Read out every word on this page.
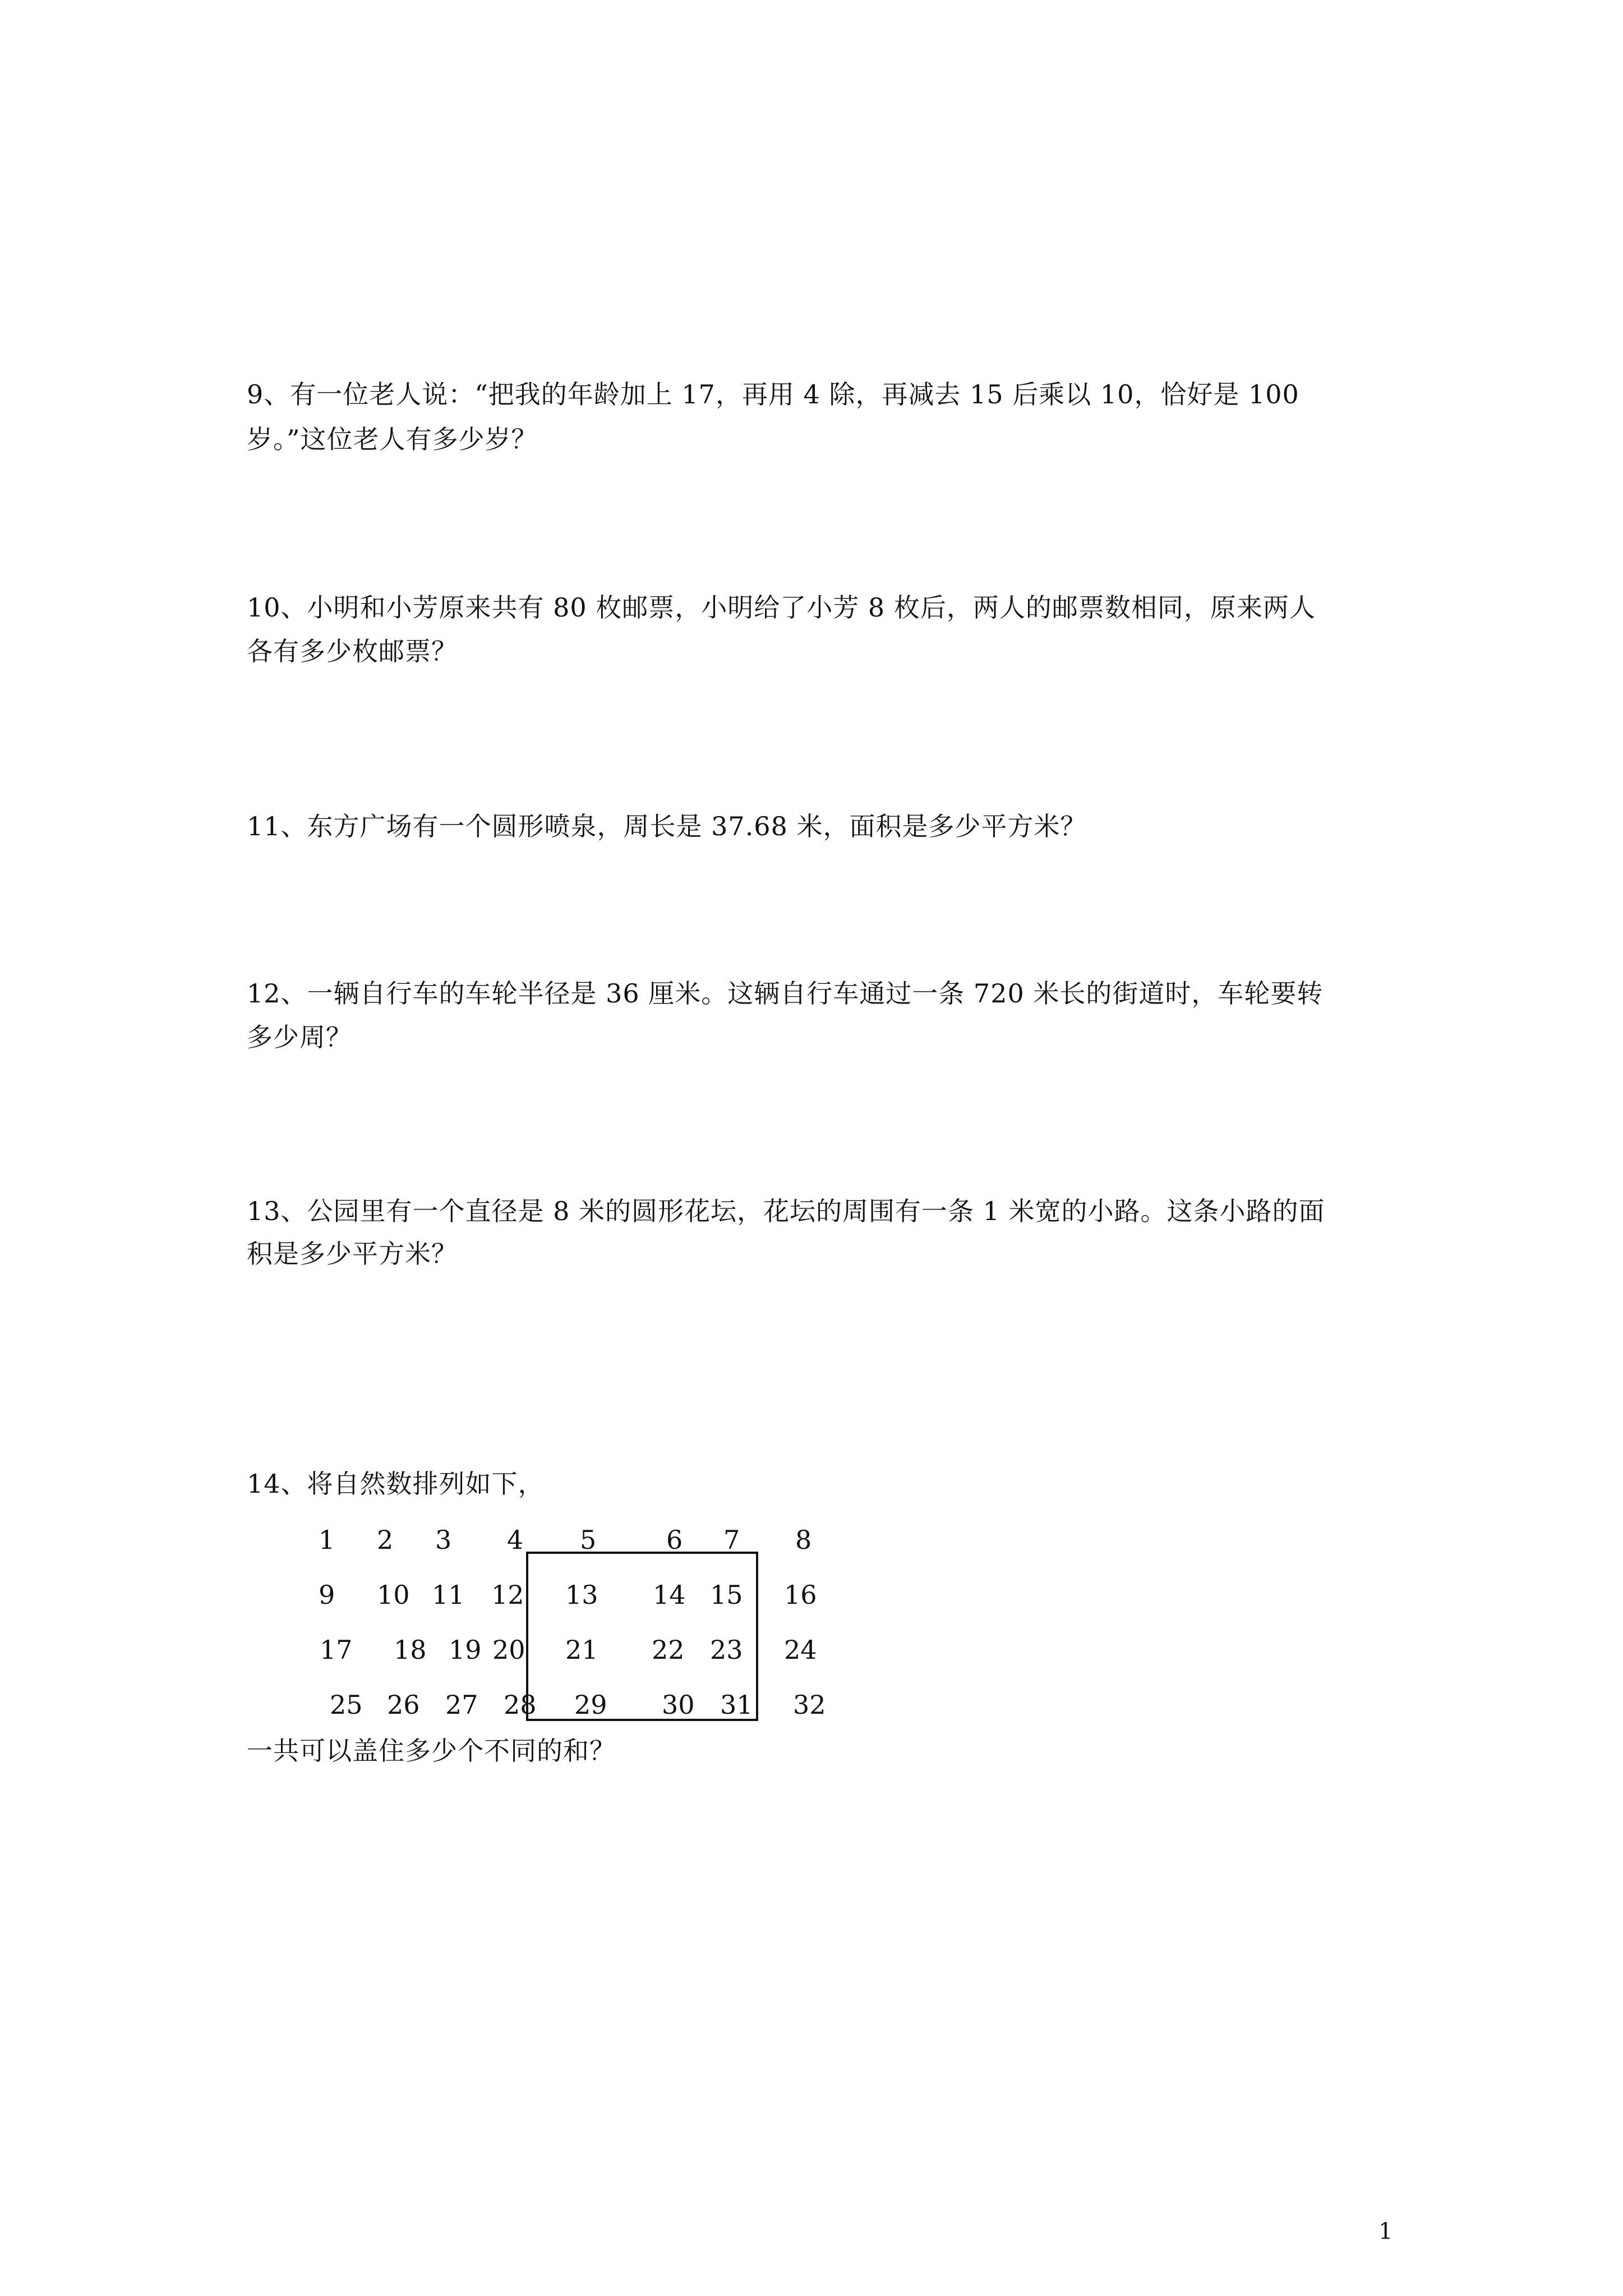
9、有一位老人说：“把我的年龄加上 17，再用 4 除，再减去 15 后乘以 10，恰好是 100
岁。”这位老人有多少岁？
10、小明和小芳原来共有 80 枚邮票，小明给了小芳 8 枚后，两人的邮票数相同，原来两人
各有多少枚邮票？
11、东方广场有一个圆形喷泉，周长是 37.68 米，面积是多少平方米？
12、一辆自行车的车轮半径是 36 厘米。这辆自行车通过一条 720 米长的街道时，车轮要转
多少周？
13、公园里有一个直径是 8 米的圆形花坛，花坛的周围有一条 1 米宽的小路。这条小路的面
积是多少平方米？
14、将自然数排列如下，
1 2 3 4 5	6 7 8
9 10 11 12 13 14 15 16
17 18 19 20 21 22 23 24
25 26 27 28 29 30 31 32
一共可以盖住多少个不同的和？
1
